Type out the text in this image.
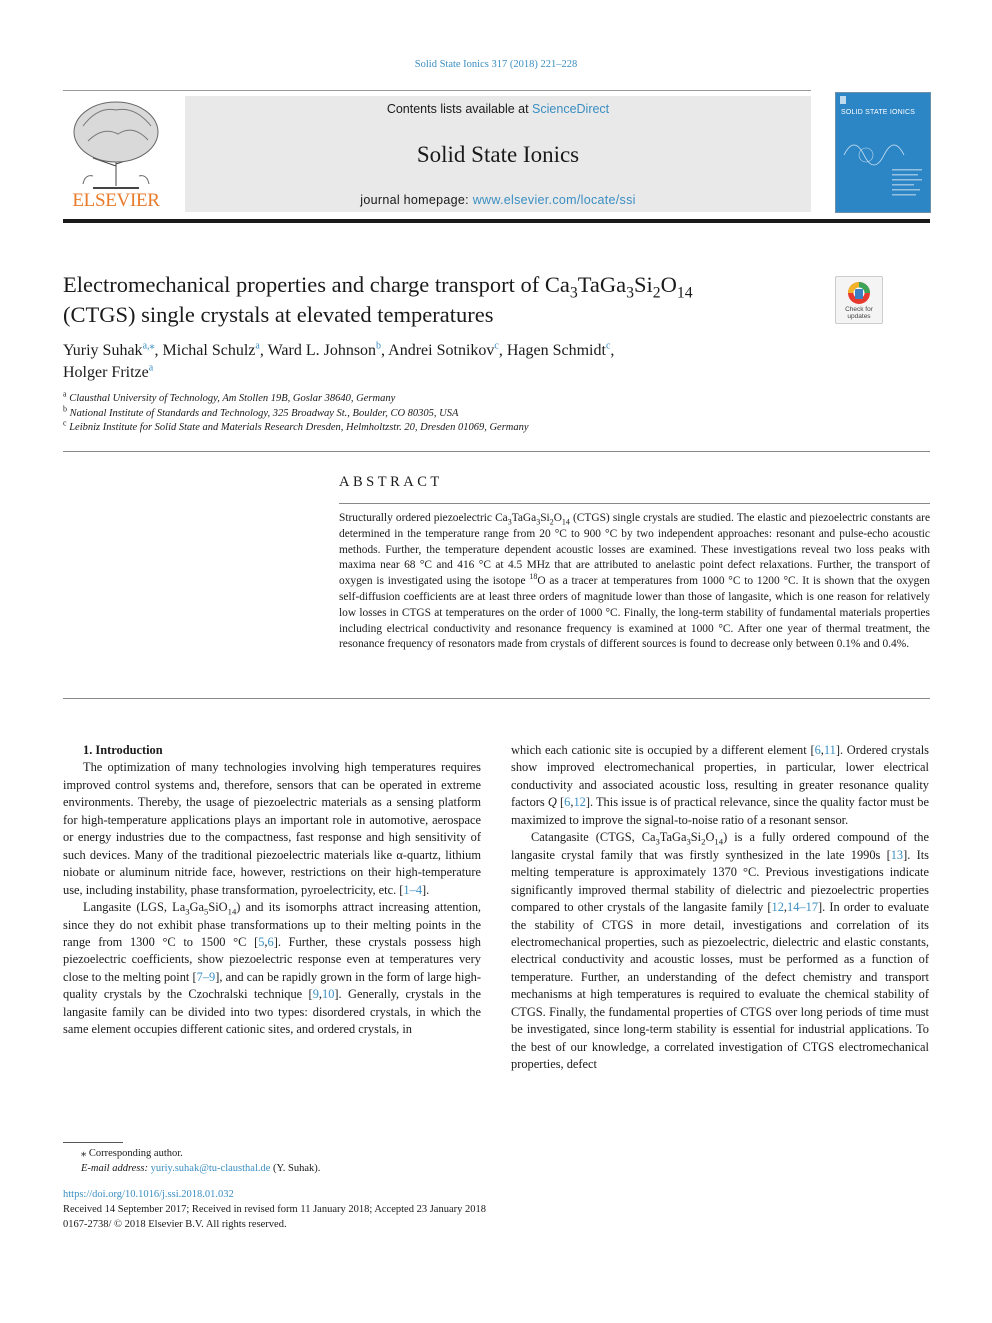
Solid State Ionics 317 (2018) 221–228
ELSEVIER
Contents lists available at ScienceDirect
Solid State Ionics
journal homepage: www.elsevier.com/locate/ssi
SOLID STATE IONICS
Electromechanical properties and charge transport of $Ca_3TaGa_3Si_2O_{14}$
(CTGS) single crystals at elevated temperatures	Check for updates
Yuriy Suhak$^{a,⁎}$, Michal Schulz$^a$, Ward L. Johnson$^b$, Andrei Sotnikov$^c$, Hagen Schmidt$^c$,
Holger Fritze$^a$
$^a$ Clausthal University of Technology, Am Stollen 19B, Goslar 38640, Germany
$^b$ National Institute of Standards and Technology, 325 Broadway St., Boulder, CO 80305, USA
$^c$ Leibniz Institute for Solid State and Materials Research Dresden, Helmholtzstr. 20, Dresden 01069, Germany
ABSTRACT
Structurally ordered piezoelectric $Ca_3TaGa_3Si_2O_{14}$ (CTGS) single crystals are studied. The elastic and piezoelectric constants are determined in the temperature range from 20 °C to 900 °C by two independent approaches: resonant and pulse-echo acoustic methods. Further, the temperature dependent acoustic losses are examined. These investigations reveal two loss peaks with maxima near 68 °C and 416 °C at 4.5 MHz that are attributed to anelastic point defect relaxations. Further, the transport of oxygen is investigated using the isotope $^{18}$O as a tracer at temperatures from 1000 °C to 1200 °C. It is shown that the oxygen self-diffusion coefficients are at least three orders of magnitude lower than those of langasite, which is one reason for relatively low losses in CTGS at temperatures on the order of 1000 °C. Finally, the long-term stability of fundamental materials properties including electrical conductivity and resonance frequency is examined at 1000 °C. After one year of thermal treatment, the resonance frequency of resonators made from crystals of different sources is found to decrease only between 0.1% and 0.4%.

1. Introduction

The optimization of many technologies involving high temperatures requires improved control systems and, therefore, sensors that can be operated in extreme environments. Thereby, the usage of piezoelectric materials as a sensing platform for high-temperature applications plays an important role in automotive, aerospace or energy industries due to the compactness, fast response and high sensitivity of such devices. Many of the traditional piezoelectric materials like α-quartz, lithium niobate or aluminum nitride face, however, restrictions on their high-temperature use, including instability, phase transformation, pyroelectricity, etc. [1–4].

Langasite (LGS, $La_3Ga_5SiO_{14}$) and its isomorphs attract increasing attention, since they do not exhibit phase transformations up to their melting points in the range from 1300 °C to 1500 °C [5,6]. Further, these crystals possess high piezoelectric coefficients, show piezoelectric response even at temperatures very close to the melting point [7–9], and can be rapidly grown in the form of large high-quality crystals by the Czochralski technique [9,10]. Generally, crystals in the langasite family can be divided into two types: disordered crystals, in which the same element occupies different cationic sites, and ordered crystals, in

which each cationic site is occupied by a different element [6,11]. Ordered crystals show improved electromechanical properties, in particular, lower electrical conductivity and associated acoustic loss, resulting in greater resonance quality factors Q [6,12]. This issue is of practical relevance, since the quality factor must be maximized to improve the signal-to-noise ratio of a resonant sensor.

Catangasite (CTGS, $Ca_3TaGa_3Si_2O_{14}$) is a fully ordered compound of the langasite crystal family that was firstly synthesized in the late 1990s [13]. Its melting temperature is approximately 1370 °C. Previous investigations indicate significantly improved thermal stability of dielectric and piezoelectric properties compared to other crystals of the langasite family [12,14–17]. In order to evaluate the stability of CTGS in more detail, investigations and correlation of its electromechanical properties, such as piezoelectric, dielectric and elastic constants, electrical conductivity and acoustic losses, must be performed as a function of temperature. Further, an understanding of the defect chemistry and transport mechanisms at high temperatures is required to evaluate the chemical stability of CTGS. Finally, the fundamental properties of CTGS over long periods of time must be investigated, since long-term stability is essential for industrial applications. To the best of our knowledge, a correlated investigation of CTGS electromechanical properties, defect

⁎ Corresponding author.
E-mail address: yuriy.suhak@tu-clausthal.de (Y. Suhak).
https://doi.org/10.1016/j.ssi.2018.01.032
Received 14 September 2017; Received in revised form 11 January 2018; Accepted 23 January 2018
0167-2738/ © 2018 Elsevier B.V. All rights reserved.
